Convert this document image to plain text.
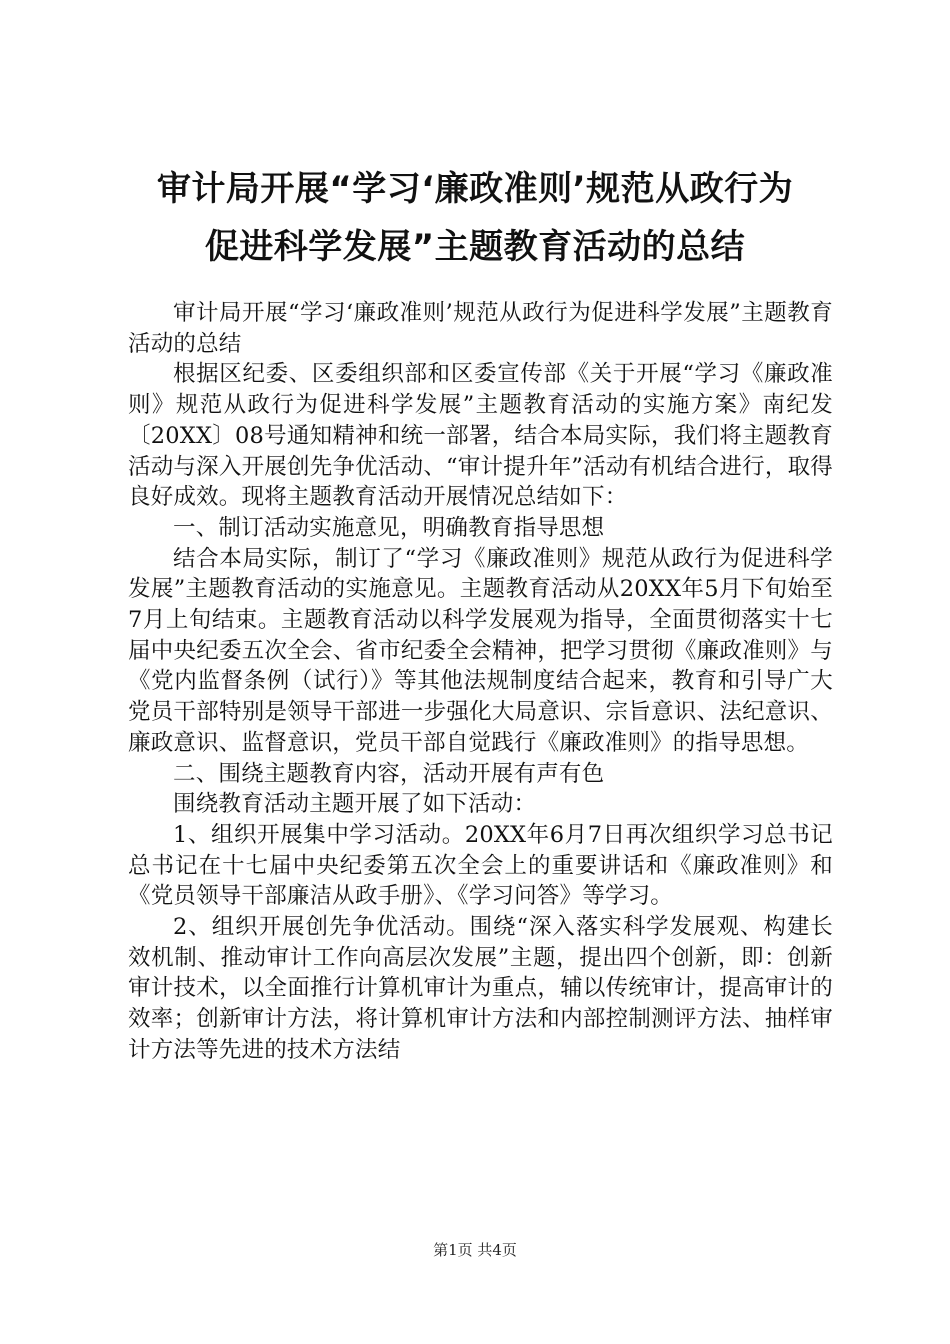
审计局开展“学习‘廉政准则’规范从政行为
促进科学发展”主题教育活动的总结

审计局开展“学习‘廉政准则’规范从政行为促进科学发展”主题教育活动的总结

根据区纪委、区委组织部和区委宣传部《关于开展“学习《廉政准则》规范从政行为促进科学发展”主题教育活动的实施方案》南纪发〔20XX〕08号通知精神和统一部署，结合本局实际，我们将主题教育活动与深入开展创先争优活动、“审计提升年”活动有机结合进行，取得良好成效。现将主题教育活动开展情况总结如下：

一、制订活动实施意见，明确教育指导思想

结合本局实际，制订了“学习《廉政准则》规范从政行为促进科学发展”主题教育活动的实施意见。主题教育活动从20XX年5月下旬始至7月上旬结束。主题教育活动以科学发展观为指导，全面贯彻落实十七届中央纪委五次全会、省市纪委全会精神，把学习贯彻《廉政准则》与《党内监督条例（试行）》等其他法规制度结合起来，教育和引导广大党员干部特别是领导干部进一步强化大局意识、宗旨意识、法纪意识、廉政意识、监督意识，党员干部自觉践行《廉政准则》的指导思想。

二、围绕主题教育内容，活动开展有声有色

围绕教育活动主题开展了如下活动：

1、组织开展集中学习活动。20XX年6月7日再次组织学习总书记总书记在十七届中央纪委第五次全会上的重要讲话和《廉政准则》和《党员领导干部廉洁从政手册》、《学习问答》等学习。

2、组织开展创先争优活动。围绕“深入落实科学发展观、构建长效机制、推动审计工作向高层次发展”主题，提出四个创新，即：创新审计技术，以全面推行计算机审计为重点，辅以传统审计，提高审计的效率；创新审计方法，将计算机审计方法和内部控制测评方法、抽样审计方法等先进的技术方法结

第1页 共4页
